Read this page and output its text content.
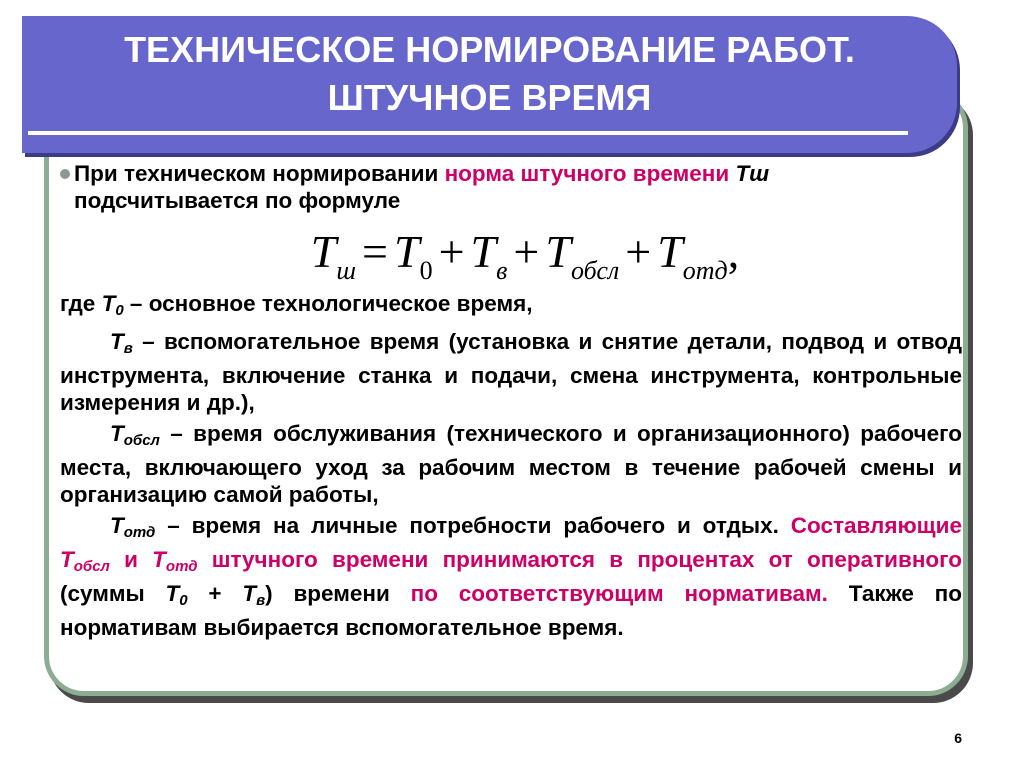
ТЕХНИЧЕСКОЕ НОРМИРОВАНИЕ РАБОТ.
ШТУЧНОЕ ВРЕМЯ
При техническом нормировании норма штучного времени Тш
подсчитывается по формуле
$T_ш = T_0 + T_в + T_{обсл} + T_{отд}$,

где $Т_0$ – основное технологическое время,

$Т_в$ – вспомогательное время (установка и снятие детали, подвод и отвод инструмента, включение станка и подачи, смена инструмента, контрольные измерения и др.),

$Т_{обсл}$ – время обслуживания (технического и организационного) рабочего места, включающего уход за рабочим местом в течение рабочей смены и организацию самой работы,

$Т_{отд}$ – время на личные потребности рабочего и отдых. Составляющие $Т_{обсл}$ и $Т_{отд}$ штучного времени принимаются в процентах от оперативного (суммы $Т_0 + Т_в$) времени по соответствующим нормативам. Также по нормативам выбирается вспомогательное время.

6
